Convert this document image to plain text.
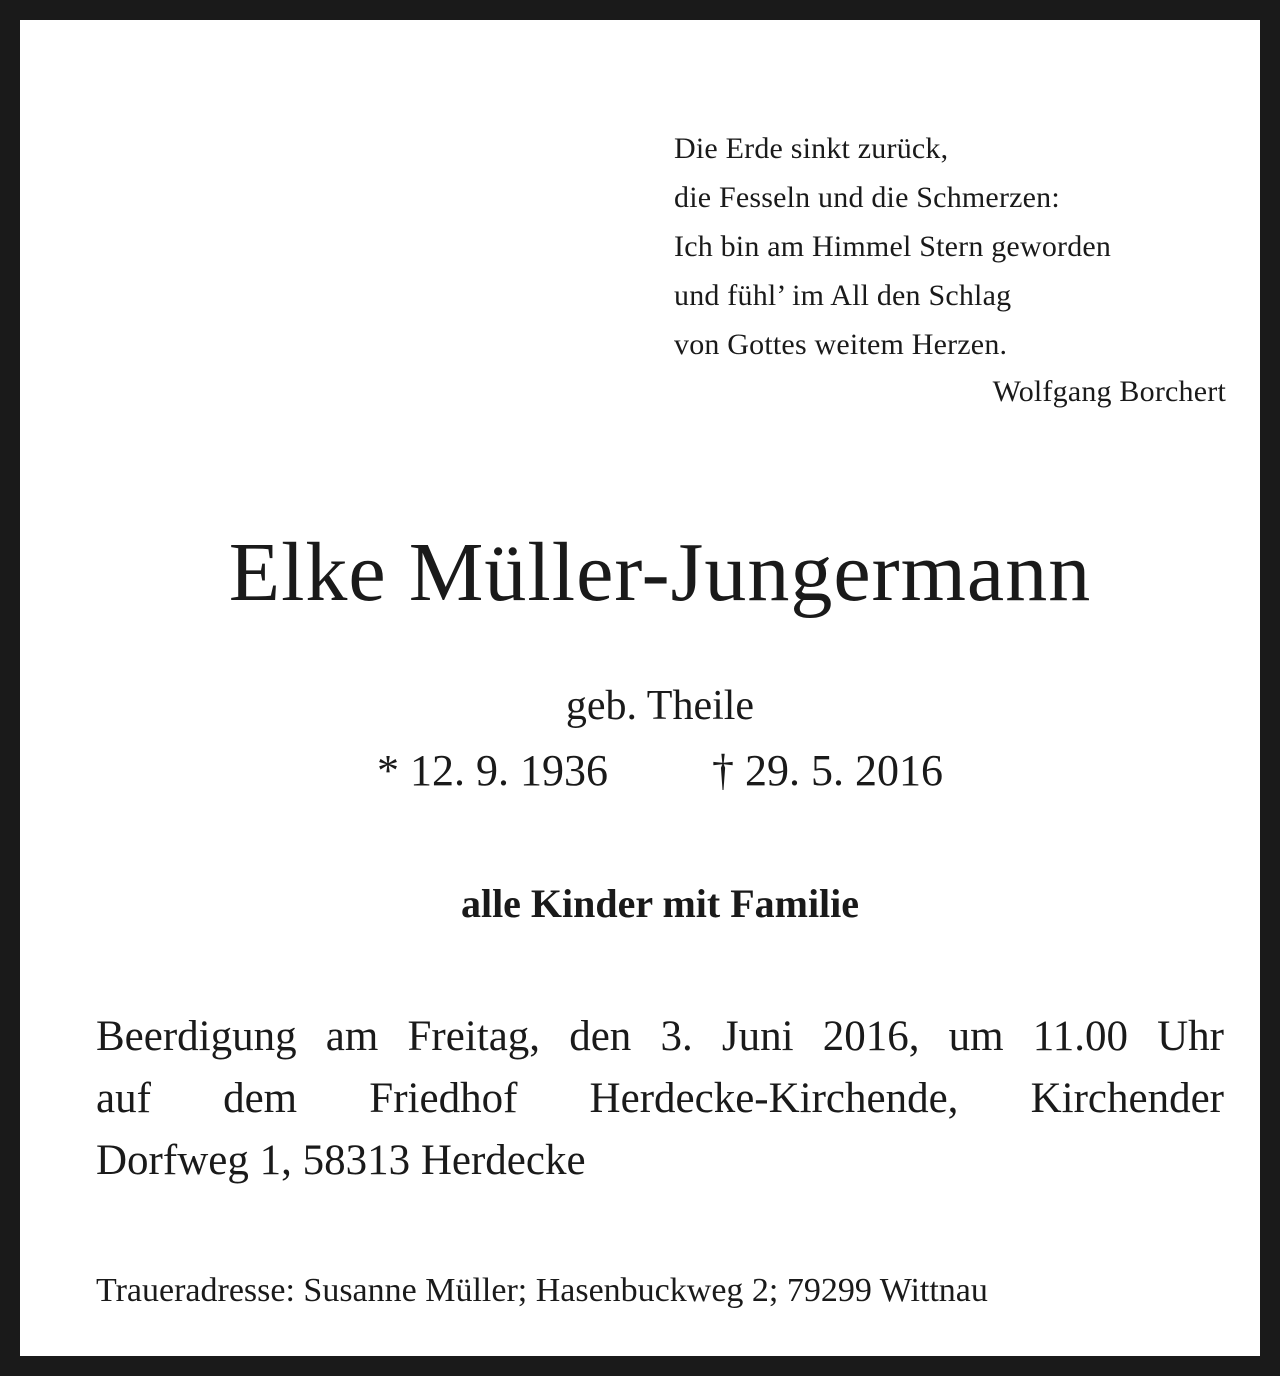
Die Erde sinkt zurück,
die Fesseln und die Schmerzen:
Ich bin am Himmel Stern geworden
und fühl’ im All den Schlag
von Gottes weitem Herzen.
Wolfgang Borchert
Elke Müller-Jungermann
geb. Theile
* 12. 9. 1936 † 29. 5. 2016
alle Kinder mit Familie
Beerdigung am Freitag, den 3. Juni 2016, um 11.00 Uhr
auf dem Friedhof Herdecke-Kirchende, Kirchender
Dorfweg 1, 58313 Herdecke
Traueradresse: Susanne Müller; Hasenbuckweg 2; 79299 Wittnau
